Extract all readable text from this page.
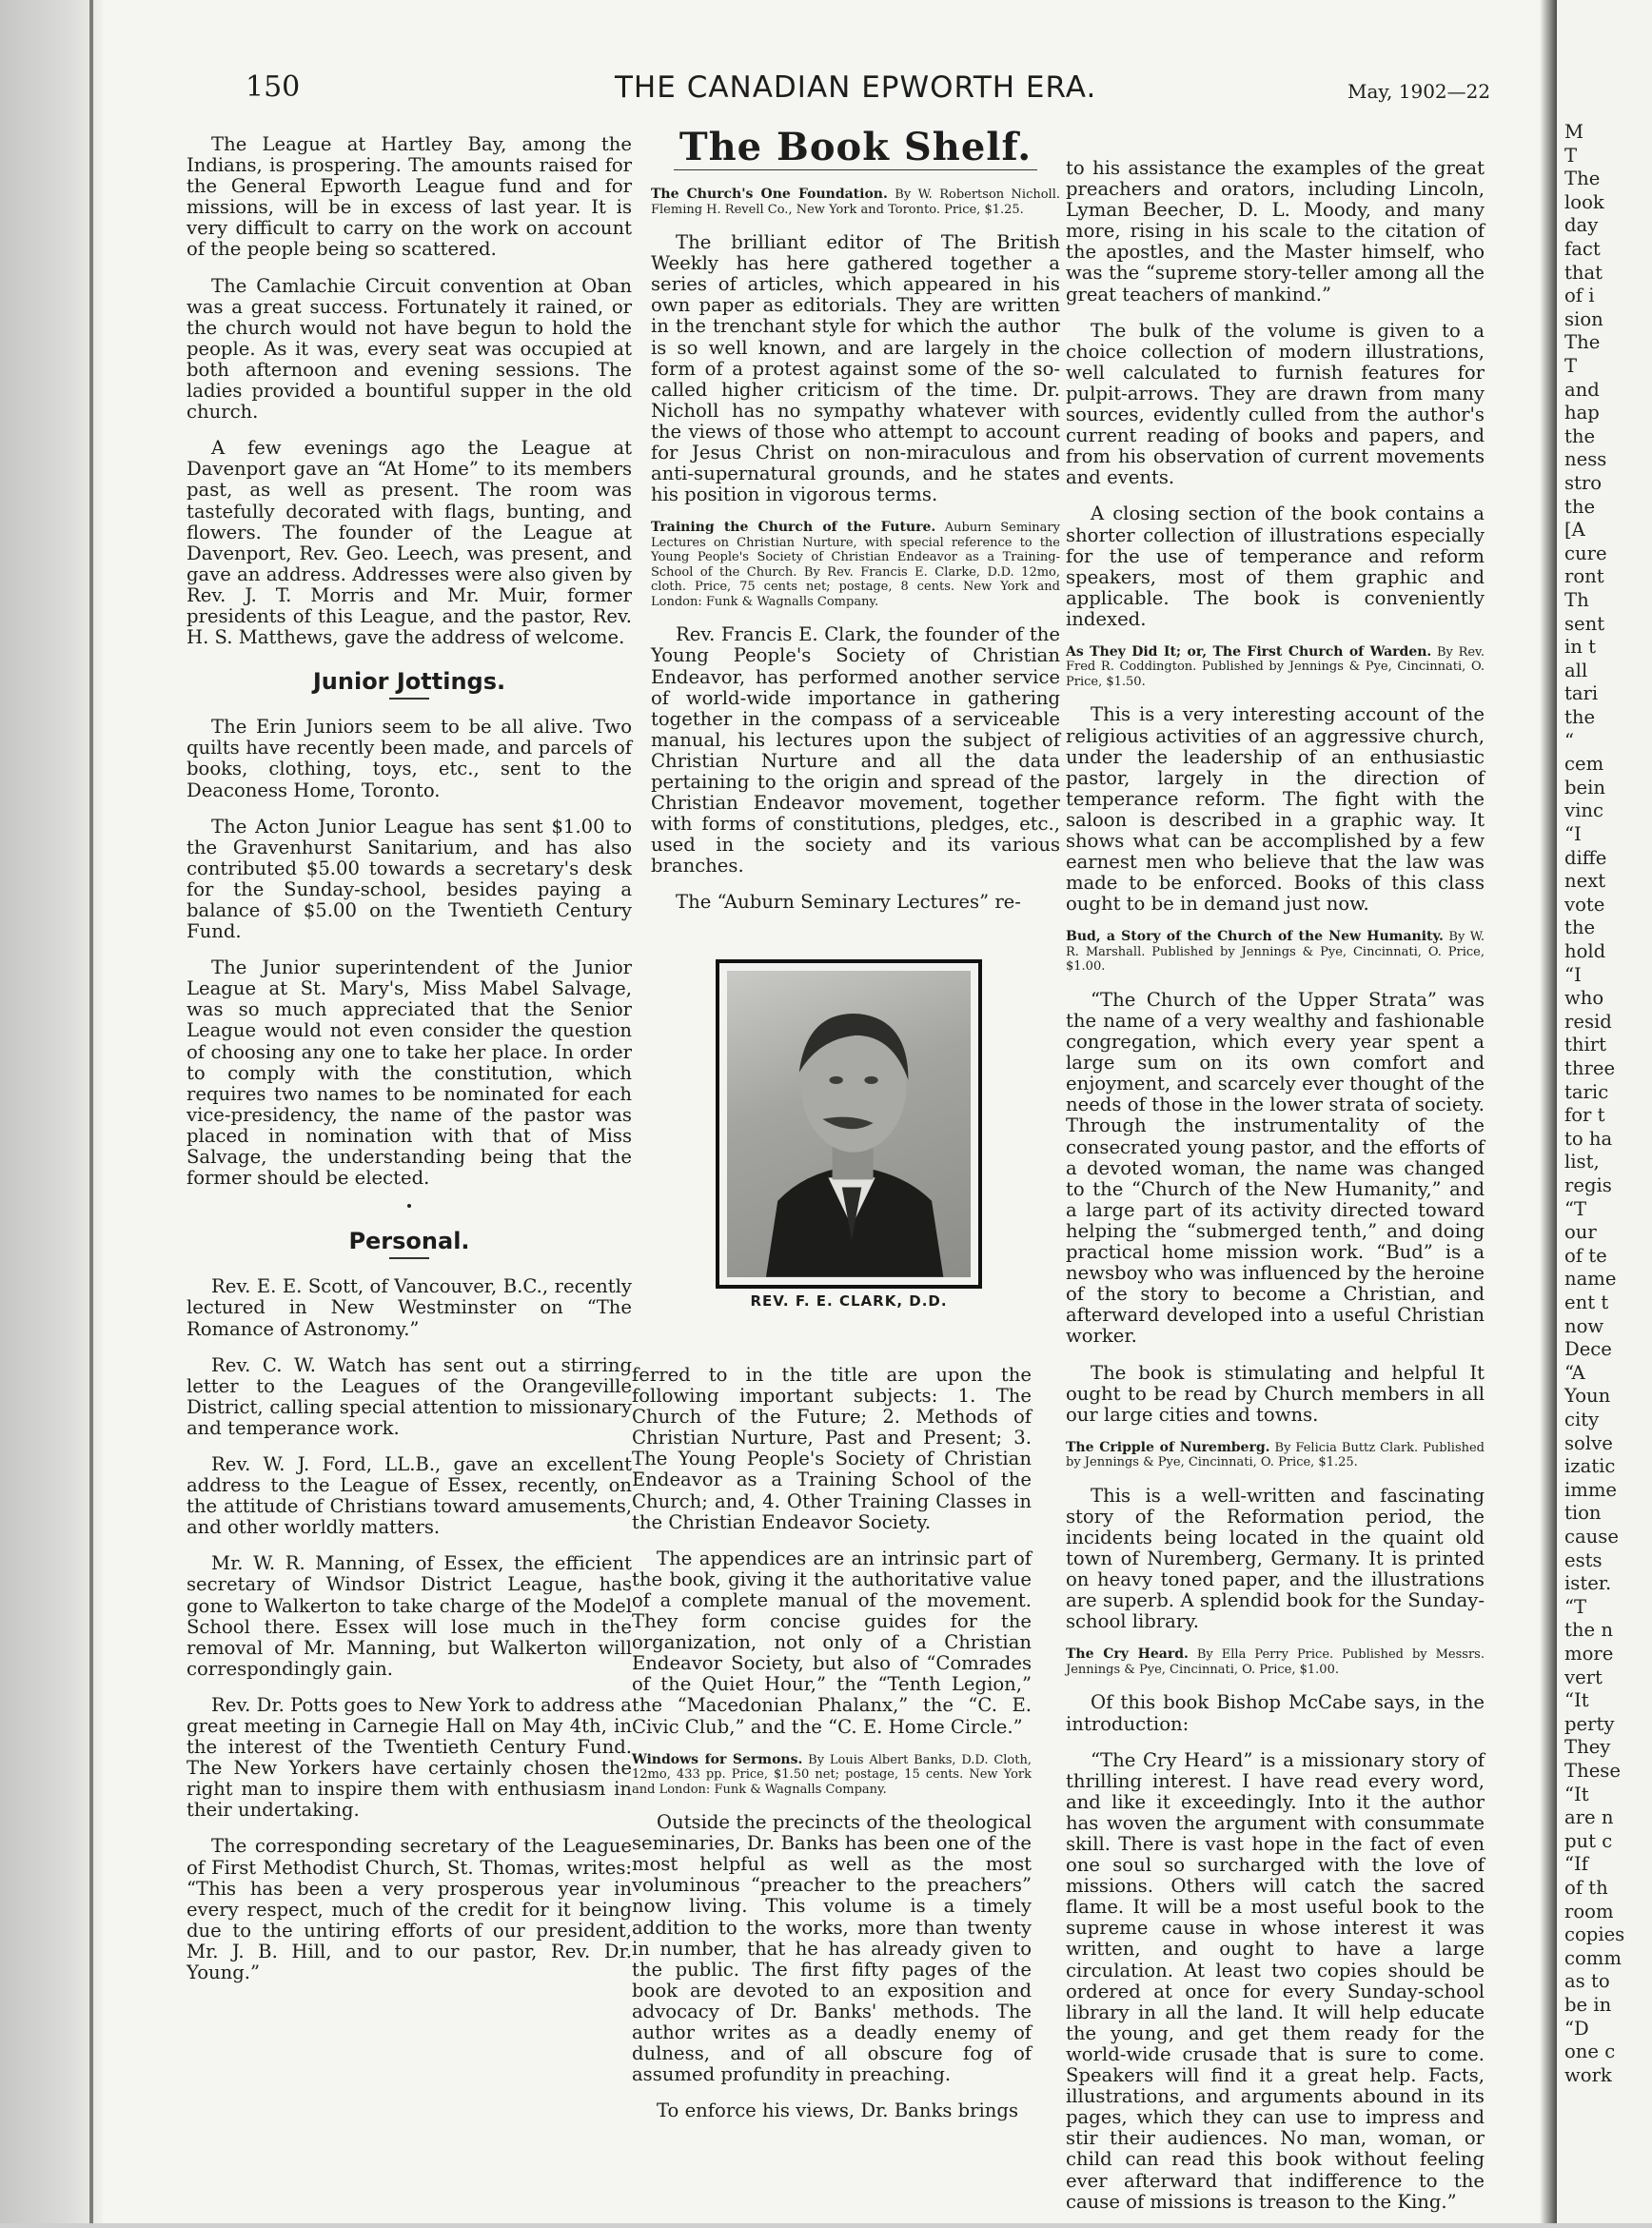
150	THE CANADIAN EPWORTH ERA.	May, 1902—22

The League at Hartley Bay, among the Indians, is prospering. The amounts raised for the General Epworth League fund and for missions, will be in excess of last year. It is very difficult to carry on the work on account of the people being so scattered.

The Camlachie Circuit convention at Oban was a great success. Fortunately it rained, or the church would not have begun to hold the people. As it was, every seat was occupied at both afternoon and evening sessions. The ladies provided a bountiful supper in the old church.

A few evenings ago the League at Davenport gave an “At Home” to its members past, as well as present. The room was tastefully decorated with flags, bunting, and flowers. The founder of the League at Davenport, Rev. Geo. Leech, was present, and gave an address. Addresses were also given by Rev. J. T. Morris and Mr. Muir, former presidents of this League, and the pastor, Rev. H. S. Matthews, gave the address of welcome.

Junior Jottings.

The Erin Juniors seem to be all alive. Two quilts have recently been made, and parcels of books, clothing, toys, etc., sent to the Deaconess Home, Toronto.

The Acton Junior League has sent $1.00 to the Gravenhurst Sanitarium, and has also contributed $5.00 towards a secretary's desk for the Sunday-school, besides paying a balance of $5.00 on the Twentieth Century Fund.

The Junior superintendent of the Junior League at St. Mary's, Miss Mabel Salvage, was so much appreciated that the Senior League would not even consider the question of choosing any one to take her place. In order to comply with the constitution, which requires two names to be nominated for each vice-presidency, the name of the pastor was placed in nomination with that of Miss Salvage, the understanding being that the former should be elected.

Personal.

Rev. E. E. Scott, of Vancouver, B.C., recently lectured in New Westminster on “The Romance of Astronomy.”

Rev. C. W. Watch has sent out a stirring letter to the Leagues of the Orangeville District, calling special attention to missionary and temperance work.

Rev. W. J. Ford, LL.B., gave an excellent address to the League of Essex, recently, on the attitude of Christians toward amusements, and other worldly matters.

Mr. W. R. Manning, of Essex, the efficient secretary of Windsor District League, has gone to Walkerton to take charge of the Model School there. Essex will lose much in the removal of Mr. Manning, but Walkerton will correspondingly gain.

Rev. Dr. Potts goes to New York to address a great meeting in Carnegie Hall on May 4th, in the interest of the Twentieth Century Fund. The New Yorkers have certainly chosen the right man to inspire them with enthusiasm in their undertaking.

The corresponding secretary of the League of First Methodist Church, St. Thomas, writes: “This has been a very prosperous year in every respect, much of the credit for it being due to the untiring efforts of our president, Mr. J. B. Hill, and to our pastor, Rev. Dr. Young.”

The Book Shelf.

The Church's One Foundation. By W. Robertson Nicholl. Fleming H. Revell Co., New York and Toronto. Price, $1.25.

The brilliant editor of The British Weekly has here gathered together a series of articles, which appeared in his own paper as editorials. They are written in the trenchant style for which the author is so well known, and are largely in the form of a protest against some of the so-called higher criticism of the time. Dr. Nicholl has no sympathy whatever with the views of those who attempt to account for Jesus Christ on non-miraculous and anti-supernatural grounds, and he states his position in vigorous terms.

Training the Church of the Future. Auburn Seminary Lectures on Christian Nurture, with special reference to the Young People's Society of Christian Endeavor as a Training-School of the Church. By Rev. Francis E. Clarke, D.D. 12mo, cloth. Price, 75 cents net; postage, 8 cents. New York and London: Funk & Wagnalls Company.

Rev. Francis E. Clark, the founder of the Young People's Society of Christian Endeavor, has performed another service of world-wide importance in gathering together in the compass of a serviceable manual, his lectures upon the subject of Christian Nurture and all the data pertaining to the origin and spread of the Christian Endeavor movement, together with forms of constitutions, pledges, etc., used in the society and its various branches.

The “Auburn Seminary Lectures” re-

REV. F. E. CLARK, D.D.

ferred to in the title are upon the following important subjects: 1. The Church of the Future; 2. Methods of Christian Nurture, Past and Present; 3. The Young People's Society of Christian Endeavor as a Training School of the Church; and, 4. Other Training Classes in the Christian Endeavor Society.

The appendices are an intrinsic part of the book, giving it the authoritative value of a complete manual of the movement. They form concise guides for the organization, not only of a Christian Endeavor Society, but also of “Comrades of the Quiet Hour,” the “Tenth Legion,” the “Macedonian Phalanx,” the “C. E. Civic Club,” and the “C. E. Home Circle.”

Windows for Sermons. By Louis Albert Banks, D.D. Cloth, 12mo, 433 pp. Price, $1.50 net; postage, 15 cents. New York and London: Funk & Wagnalls Company.

Outside the precincts of the theological seminaries, Dr. Banks has been one of the most helpful as well as the most voluminous “preacher to the preachers” now living. This volume is a timely addition to the works, more than twenty in number, that he has already given to the public. The first fifty pages of the book are devoted to an exposition and advocacy of Dr. Banks' methods. The author writes as a deadly enemy of dulness, and of all obscure fog of assumed profundity in preaching.

To enforce his views, Dr. Banks brings

to his assistance the examples of the great preachers and orators, including Lincoln, Lyman Beecher, D. L. Moody, and many more, rising in his scale to the citation of the apostles, and the Master himself, who was the “supreme story-teller among all the great teachers of mankind.”

The bulk of the volume is given to a choice collection of modern illustrations, well calculated to furnish features for pulpit-arrows. They are drawn from many sources, evidently culled from the author's current reading of books and papers, and from his observation of current movements and events.

A closing section of the book contains a shorter collection of illustrations especially for the use of temperance and reform speakers, most of them graphic and applicable. The book is conveniently indexed.

As They Did It; or, The First Church of Warden. By Rev. Fred R. Coddington. Published by Jennings & Pye, Cincinnati, O. Price, $1.50.

This is a very interesting account of the religious activities of an aggressive church, under the leadership of an enthusiastic pastor, largely in the direction of temperance reform. The fight with the saloon is described in a graphic way. It shows what can be accomplished by a few earnest men who believe that the law was made to be enforced. Books of this class ought to be in demand just now.

Bud, a Story of the Church of the New Humanity. By W. R. Marshall. Published by Jennings & Pye, Cincinnati, O. Price, $1.00.

“The Church of the Upper Strata” was the name of a very wealthy and fashionable congregation, which every year spent a large sum on its own comfort and enjoyment, and scarcely ever thought of the needs of those in the lower strata of society. Through the instrumentality of the consecrated young pastor, and the efforts of a devoted woman, the name was changed to the “Church of the New Humanity,” and a large part of its activity directed toward helping the “submerged tenth,” and doing practical home mission work. “Bud” is a newsboy who was influenced by the heroine of the story to become a Christian, and afterward developed into a useful Christian worker.

The book is stimulating and helpful It ought to be read by Church members in all our large cities and towns.

The Cripple of Nuremberg. By Felicia Buttz Clark. Published by Jennings & Pye, Cincinnati, O. Price, $1.25.

This is a well-written and fascinating story of the Reformation period, the incidents being located in the quaint old town of Nuremberg, Germany. It is printed on heavy toned paper, and the illustrations are superb. A splendid book for the Sunday-school library.

The Cry Heard. By Ella Perry Price. Published by Messrs. Jennings & Pye, Cincinnati, O. Price, $1.00.

Of this book Bishop McCabe says, in the introduction:

“The Cry Heard” is a missionary story of thrilling interest. I have read every word, and like it exceedingly. Into it the author has woven the argument with consummate skill. There is vast hope in the fact of even one soul so surcharged with the love of missions. Others will catch the sacred flame. It will be a most useful book to the supreme cause in whose interest it was written, and ought to have a large circulation. At least two copies should be ordered at once for every Sunday-school library in all the land. It will help educate the young, and get them ready for the world-wide crusade that is sure to come. Speakers will find it a great help. Facts, illustrations, and arguments abound in its pages, which they can use to impress and stir their audiences. No man, woman, or child can read this book without feeling ever afterward that indifference to the cause of missions is treason to the King.”

M
T
The
look
day
fact
that
of i
sion
The
T
and
hap
the
ness
stro
the
[A
cure
ront
Th
sent
in t
all
tari
the
“
cem
bein
vinc
“I
diffe
next
vote
the
hold
“I
who
resid
thirt
three
taric
for t
to ha
list,
regis
“T
our
of te
name
ent t
now
Dece
“A
Youn
city
solve
izatic
imme
tion
cause
ests
ister.
“T
the n
more
vert
“It
perty
They
These
“It
are n
put c
“If
of th
room
copies
comm
as to
be in
“D
one c
work
